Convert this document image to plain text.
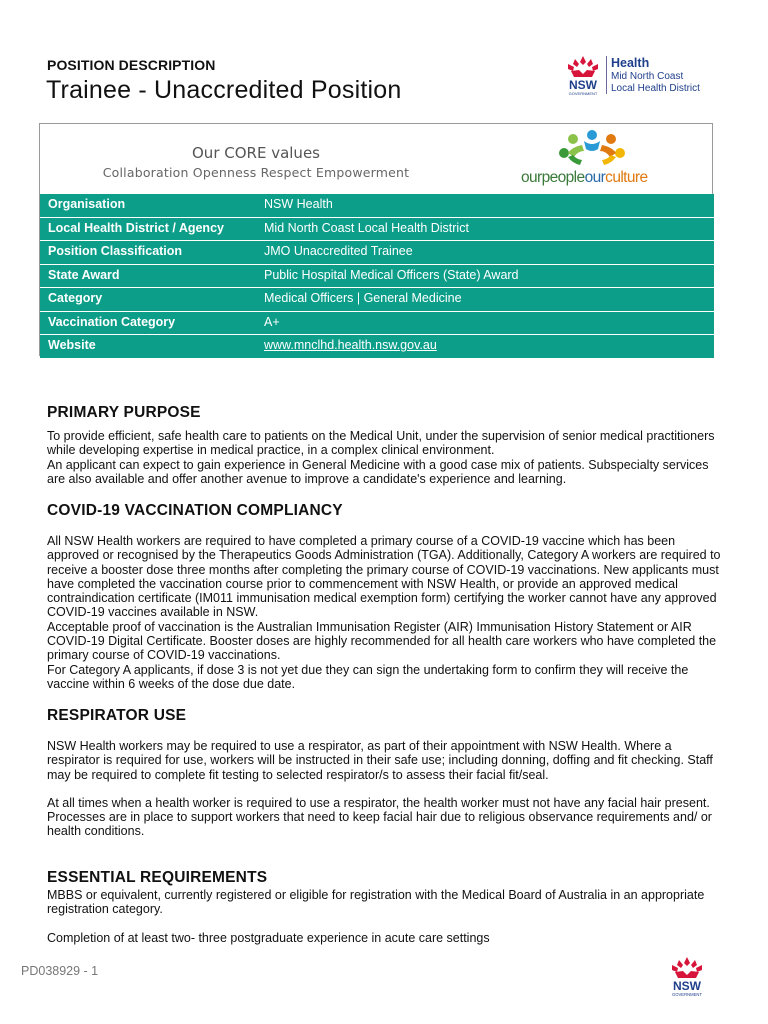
POSITION DESCRIPTION
Trainee - Unaccredited Position	NSW
GOVERNMENT
Health
Mid North Coast
Local Health District
Our CORE values
Collaboration Openness Respect Empowerment	ourpeopleourculture
Organisation	NSW Health
Local Health District / Agency	Mid North Coast Local Health District
Position Classification	JMO Unaccredited Trainee
State Award	Public Hospital Medical Officers (State) Award
Category	Medical Officers | General Medicine
Vaccination Category	A+
Website	www.mnclhd.health.nsw.gov.au
PRIMARY PURPOSE

To provide efficient, safe health care to patients on the Medical Unit, under the supervision of senior medical practitioners while developing expertise in medical practice, in a complex clinical environment.

An applicant can expect to gain experience in General Medicine with a good case mix of patients. Subspecialty services are also available and offer another avenue to improve a candidate's experience and learning.

COVID-19 VACCINATION COMPLIANCY

All NSW Health workers are required to have completed a primary course of a COVID-19 vaccine which has been approved or recognised by the Therapeutics Goods Administration (TGA). Additionally, Category A workers are required to receive a booster dose three months after completing the primary course of COVID-19 vaccinations. New applicants must have completed the vaccination course prior to commencement with NSW Health, or provide an approved medical contraindication certificate (IM011 immunisation medical exemption form) certifying the worker cannot have any approved COVID-19 vaccines available in NSW.

Acceptable proof of vaccination is the Australian Immunisation Register (AIR) Immunisation History Statement or AIR COVID-19 Digital Certificate. Booster doses are highly recommended for all health care workers who have completed the primary course of COVID-19 vaccinations.

For Category A applicants, if dose 3 is not yet due they can sign the undertaking form to confirm they will receive the vaccine within 6 weeks of the dose due date.

RESPIRATOR USE

NSW Health workers may be required to use a respirator, as part of their appointment with NSW Health. Where a respirator is required for use, workers will be instructed in their safe use; including donning, doffing and fit checking. Staff may be required to complete fit testing to selected respirator/s to assess their facial fit/seal.

At all times when a health worker is required to use a respirator, the health worker must not have any facial hair present. Processes are in place to support workers that need to keep facial hair due to religious observance requirements and/ or health conditions.

ESSENTIAL REQUIREMENTS

MBBS or equivalent, currently registered or eligible for registration with the Medical Board of Australia in an appropriate registration category.

Completion of at least two- three postgraduate experience in acute care settings

PD038929 - 1
NSW
GOVERNMENT
